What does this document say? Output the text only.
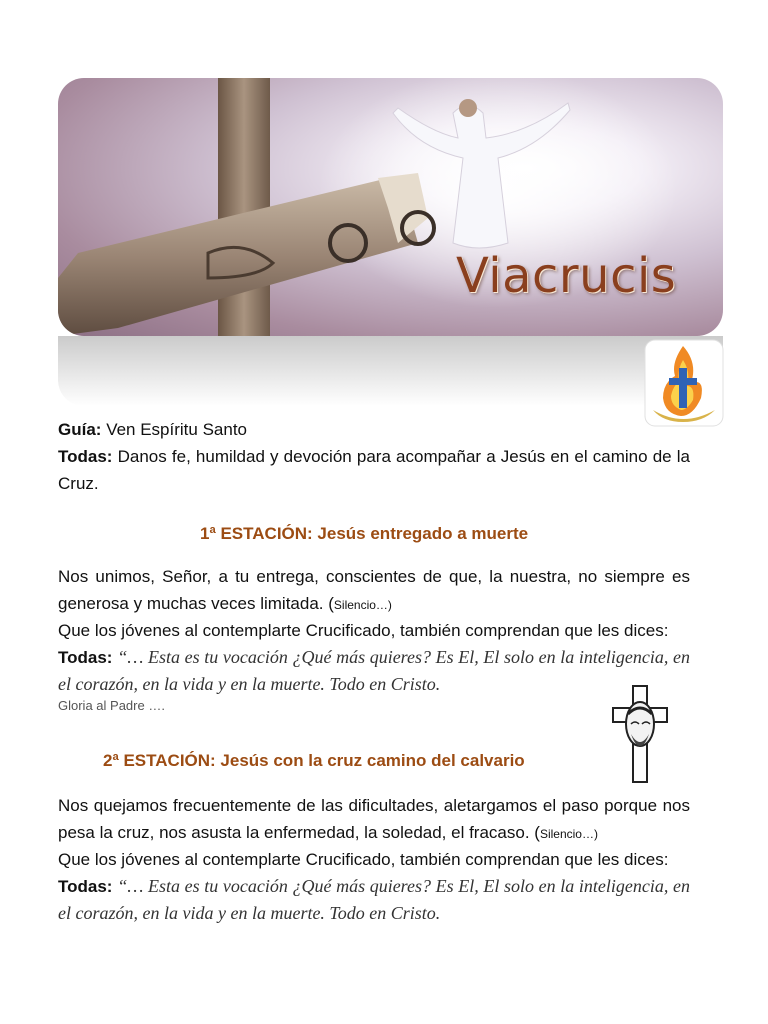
Viacrucis
Guía: Ven Espíritu Santo
Todas: Danos fe, humildad y devoción para acompañar a Jesús en el camino de la Cruz.
1ª ESTACIÓN: Jesús entregado a muerte
Nos unimos, Señor, a tu entrega, conscientes de que, la nuestra, no siempre es generosa y muchas veces limitada. (Silencio…)
Que los jóvenes al contemplarte Crucificado, también comprendan que les dices:
Todas: “… Esta es tu vocación ¿Qué más quieres? Es El, El solo en la inteligencia, en el corazón, en la vida y en la muerte. Todo en Cristo.
Gloria al Padre ….
2ª ESTACIÓN: Jesús con la cruz camino del calvario
Nos quejamos frecuentemente de las dificultades, aletargamos el paso porque nos pesa la cruz, nos asusta la enfermedad, la soledad, el fracaso. (Silencio…)
Que los jóvenes al contemplarte Crucificado, también comprendan que les dices:
Todas: “… Esta es tu vocación ¿Qué más quieres? Es El, El solo en la inteligencia, en el corazón, en la vida y en la muerte. Todo en Cristo.
